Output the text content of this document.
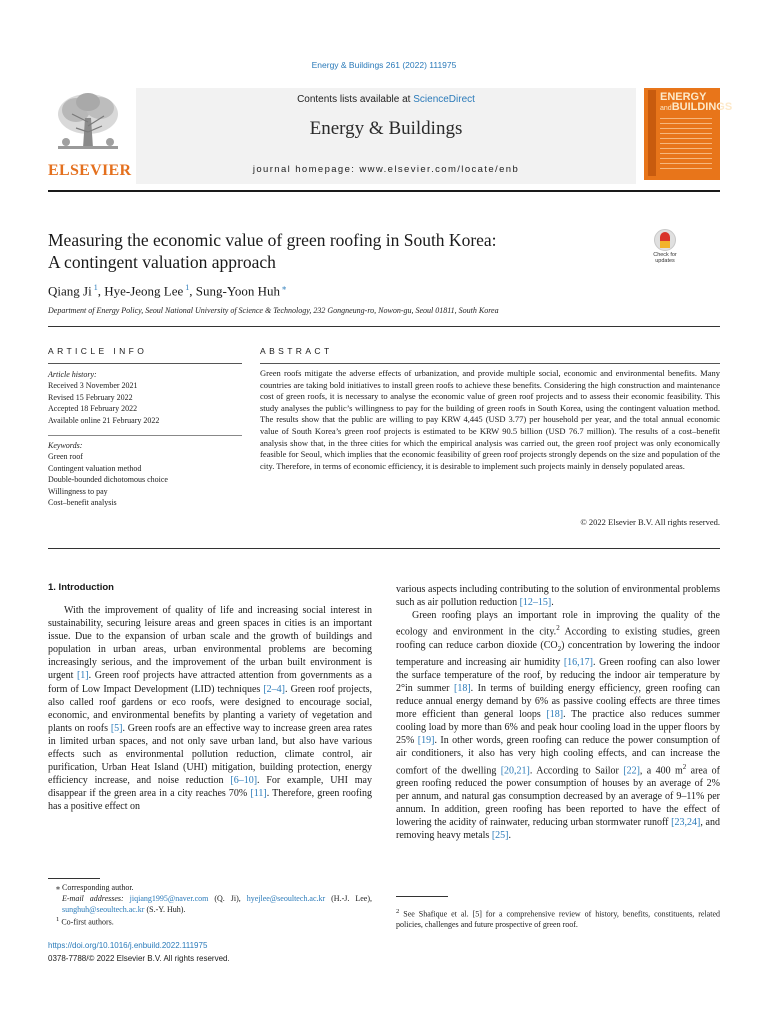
Energy & Buildings 261 (2022) 111975
ELSEVIER
Contents lists available at ScienceDirect
Energy & Buildings
journal homepage: www.elsevier.com/locate/enb
ENERGY
andBUILDINGS
Measuring the economic value of green roofing in South Korea:
A contingent valuation approach	Check for
updates
Qiang Ji $^1$, Hye-Jeong Lee $^1$, Sung-Yoon Huh ⁎
Department of Energy Policy, Seoul National University of Science & Technology, 232 Gongneung-ro, Nowon-gu, Seoul 01811, South Korea
ARTICLE INFO
Article history:
Received 3 November 2021
Revised 15 February 2022
Accepted 18 February 2022
Available online 21 February 2022
Keywords:
Green roof
Contingent valuation method
Double-bounded dichotomous choice
Willingness to pay
Cost–benefit analysis
ABSTRACT
Green roofs mitigate the adverse effects of urbanization, and provide multiple social, economic and environmental benefits. Many countries are taking bold initiatives to install green roofs to achieve these benefits. Considering the high construction and maintenance cost of green roofs, it is necessary to analyse the economic value of green roof projects and to assess their economic feasibility. This study analyses the public’s willingness to pay for the building of green roofs in South Korea, using the contingent valuation method. The results show that the public are willing to pay KRW 4,445 (USD 3.77) per household per year, and the total annual economic value of South Korea’s green roof projects is estimated to be KRW 90.5 billion (USD 76.7 million). The results of a cost–benefit analysis show that, in the three cities for which the empirical analysis was carried out, the green roof project was only economically feasible for Seoul, which implies that the economic feasibility of green roof projects strongly depends on the size and population of the city. Therefore, in terms of economic efficiency, it is desirable to implement such projects mainly in densely populated areas.
© 2022 Elsevier B.V. All rights reserved.
1. Introduction

With the improvement of quality of life and increasing social interest in sustainability, securing leisure areas and green spaces in cities is an important issue. Due to the expansion of urban scale and the growth of buildings and population in urban areas, urban environmental problems are becoming increasingly serious, and the improvement of the urban built environment is urgent [1]. Green roof projects have attracted attention from governments as a form of Low Impact Development (LID) techniques [2–4]. Green roof projects, also called roof gardens or eco roofs, were designed to encourage social, economic, and environmental benefits by planting a variety of vegetation and plants on roofs [5]. Green roofs are an effective way to increase green area rates in limited urban spaces, and not only save urban land, but also have various effects such as environmental pollution reduction, climate control, air purification, Urban Heat Island (UHI) mitigation, building protection, energy efficiency increase, and noise reduction [6–10]. For example, UHI may disappear if the green area in a city reaches 70% [11]. Therefore, green roofing has a positive effect on

various aspects including contributing to the solution of environmental problems such as air pollution reduction [12–15].

Green roofing plays an important role in improving the quality of the ecology and environment in the city.$^2$ According to existing studies, green roofing can reduce carbon dioxide $(CO_2)$ concentration by lowering the indoor temperature and increasing air humidity [16,17]. Green roofing can also lower the surface temperature of the roof, by reducing the indoor air temperature by 2°in summer [18]. In terms of building energy efficiency, green roofing can reduce annual energy demand by 6% as passive cooling effects are three times more efficient than general loops [18]. The practice also reduces summer cooling load by more than 6% and peak hour cooling load in the upper floors by 25% [19]. In other words, green roofing can reduce the power consumption of air conditioners, it also has very high cooling effects, and can increase the comfort of the dwelling [20,21]. According to Sailor [22], a 400 $m^2$ area of green roofing reduced the power consumption of houses by an average of 2% per annum, and natural gas consumption decreased by an average of 9–11% per annum. In addition, green roofing has been reported to have the effect of lowering the acidity of rainwater, reducing urban stormwater runoff [23,24], and removing heavy metals [25].

⁎ Corresponding author.

E-mail addresses: jiqiang1995@naver.com (Q. Ji), hyejlee@seoultech.ac.kr (H.-J. Lee), sunghuh@seoultech.ac.kr (S.-Y. Huh).

$^1$ Co-first authors.

$^2$ See Shafique et al. [5] for a comprehensive review of history, benefits, constituents, related policies, challenges and future prospective of green roof.
https://doi.org/10.1016/j.enbuild.2022.111975
0378-7788/© 2022 Elsevier B.V. All rights reserved.
